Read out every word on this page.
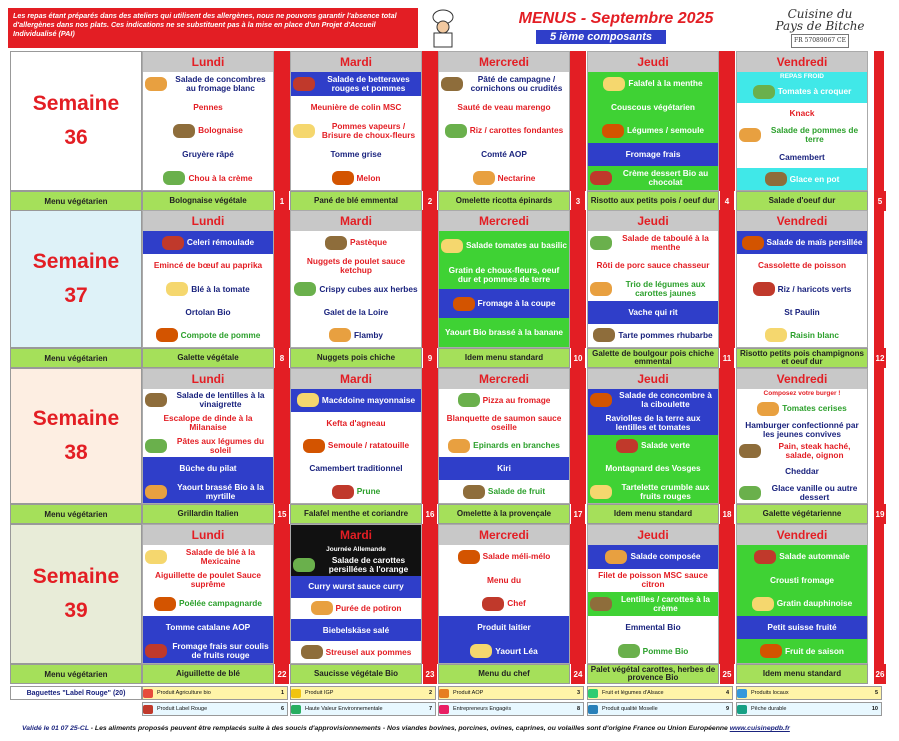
Les repas étant préparés dans des ateliers qui utilisent des allergènes, nous ne pouvons garantir l'absence total d'allergènes dans nos plats. Ces indications ne se substituent pas à la mise en place d'un Projet d'Accueil Individualisé (PAI)
MENUS - Septembre 2025
5 ième composants
Cuisine du
Pays de Bitche
FR 57089067 CE
Semaine
36
Menu végétarien
Lundi
Salade de concombres au fromage blanc
Pennes
Bolognaise
Gruyère râpé
Chou à la crème
Bolognaise végétale	1
Mardi
Salade de betteraves rouges et pommes
Meunière de colin MSC
Pommes vapeurs / Brisure de choux-fleurs
Tomme grise
Melon
Pané de blé emmental	2
Mercredi
Pâté de campagne / cornichons ou crudités
Sauté de veau marengo
Riz / carottes fondantes
Comté AOP
Nectarine
Omelette ricotta épinards	3
Jeudi
Falafel à la menthe
Couscous végétarien
Légumes / semoule
Fromage frais
Crème dessert Bio au chocolat
Risotto aux petits pois / oeuf dur	4
Vendredi
REPAS FROID
Tomates à croquer
Knack
Salade de pommes de terre
Camembert
Glace en pot
Salade d'oeuf dur	5
Semaine
37
Menu végétarien
Lundi
Celeri rémoulade
Emincé de bœuf au paprika
Blé à la tomate
Ortolan Bio
Compote de pomme
Galette végétale	8
Mardi
Pastèque
Nuggets de poulet sauce ketchup
Crispy cubes aux herbes
Galet de la Loire
Flamby
Nuggets pois chiche	9
Mercredi
Salade tomates au basilic
Gratin de choux-fleurs, oeuf dur et pommes de terre
Fromage à la coupe
Yaourt Bio brassé à la banane
Idem menu standard	10
Jeudi
Salade de taboulé à la menthe
Rôti de porc sauce chasseur
Trio de légumes aux carottes jaunes
Vache qui rit
Tarte pommes rhubarbe
Galette de boulgour pois chiche emmental	11
Vendredi
Salade de maïs persillée
Cassolette de poisson
Riz / haricots verts
St Paulin
Raisin blanc
Risotto petits pois champignons et oeuf dur	12
Semaine
38
Menu végétarien
Lundi
Salade de lentilles à la vinaigrette
Escalope de dinde à la Milanaise
Pâtes aux légumes du soleil
Bûche du pilat
Yaourt brassé Bio à la myrtille
Grillardin Italien	15
Mardi
Macédoine mayonnaise
Kefta d'agneau
Semoule / ratatouille
Camembert traditionnel
Prune
Falafel menthe et coriandre	16
Mercredi
Pizza au fromage
Blanquette de saumon sauce oseille
Epinards en branches
Kiri
Salade de fruit
Omelette à la provençale	17
Jeudi
Salade de concombre à la ciboulette
Raviolles de la terre aux lentilles et tomates
Salade verte
Montagnard des Vosges
Tartelette crumble aux fruits rouges
Idem menu standard	18
Vendredi
Composez votre burger !
Tomates cerises
Hamburger confectionné par les jeunes convives
Pain, steak haché, salade, oignon
Cheddar
Glace vanille ou autre dessert
Galette végétarienne	19
Semaine
39
Menu végétarien
Lundi
Salade de blé à la Mexicaine
Aiguillette de poulet Sauce suprême
Poêlée campagnarde
Tomme catalane AOP
Fromage frais sur coulis de fruits rouge
Aiguillette de blé	22
Mardi
Journée Allemande
Salade de carottes persillées à l'orange
Curry wurst sauce curry
Purée de potiron
Biebelskäse salé
Streusel aux pommes
Saucisse végétale Bio	23
Mercredi
Salade méli-mélo
Menu du
Chef
Produit laitier
Yaourt Léa
Menu du chef	24
Jeudi
Salade composée
Filet de poisson MSC sauce citron
Lentilles / carottes à la crème
Emmental Bio
Pomme Bio
Palet végétal carottes, herbes de provence Bio	25
Vendredi
Salade automnale
Crousti fromage
Gratin dauphinoise
Petit suisse fruité
Fruit de saison
Idem menu standard	26
Baguettes "Label Rouge" (20)	Produit Agriculture bio	1	Produit IGP	2	Produit AOP	3	Fruit et légumes d'Alsace	4	Produits locaux	5
Produit Label Rouge	6	Haute Valeur Environnementale	7	Entrepreneurs Engagés	8	Produit qualité Moselle	9	Pêche durable	10
Validé le 01 07 25-CL - Les aliments proposés peuvent être remplacés suite à des soucis d'approvisionnements - Nos viandes bovines, porcines, ovines, caprines, ou volailles sont d'origine France ou Union Européenne www.cuisinepdb.fr
